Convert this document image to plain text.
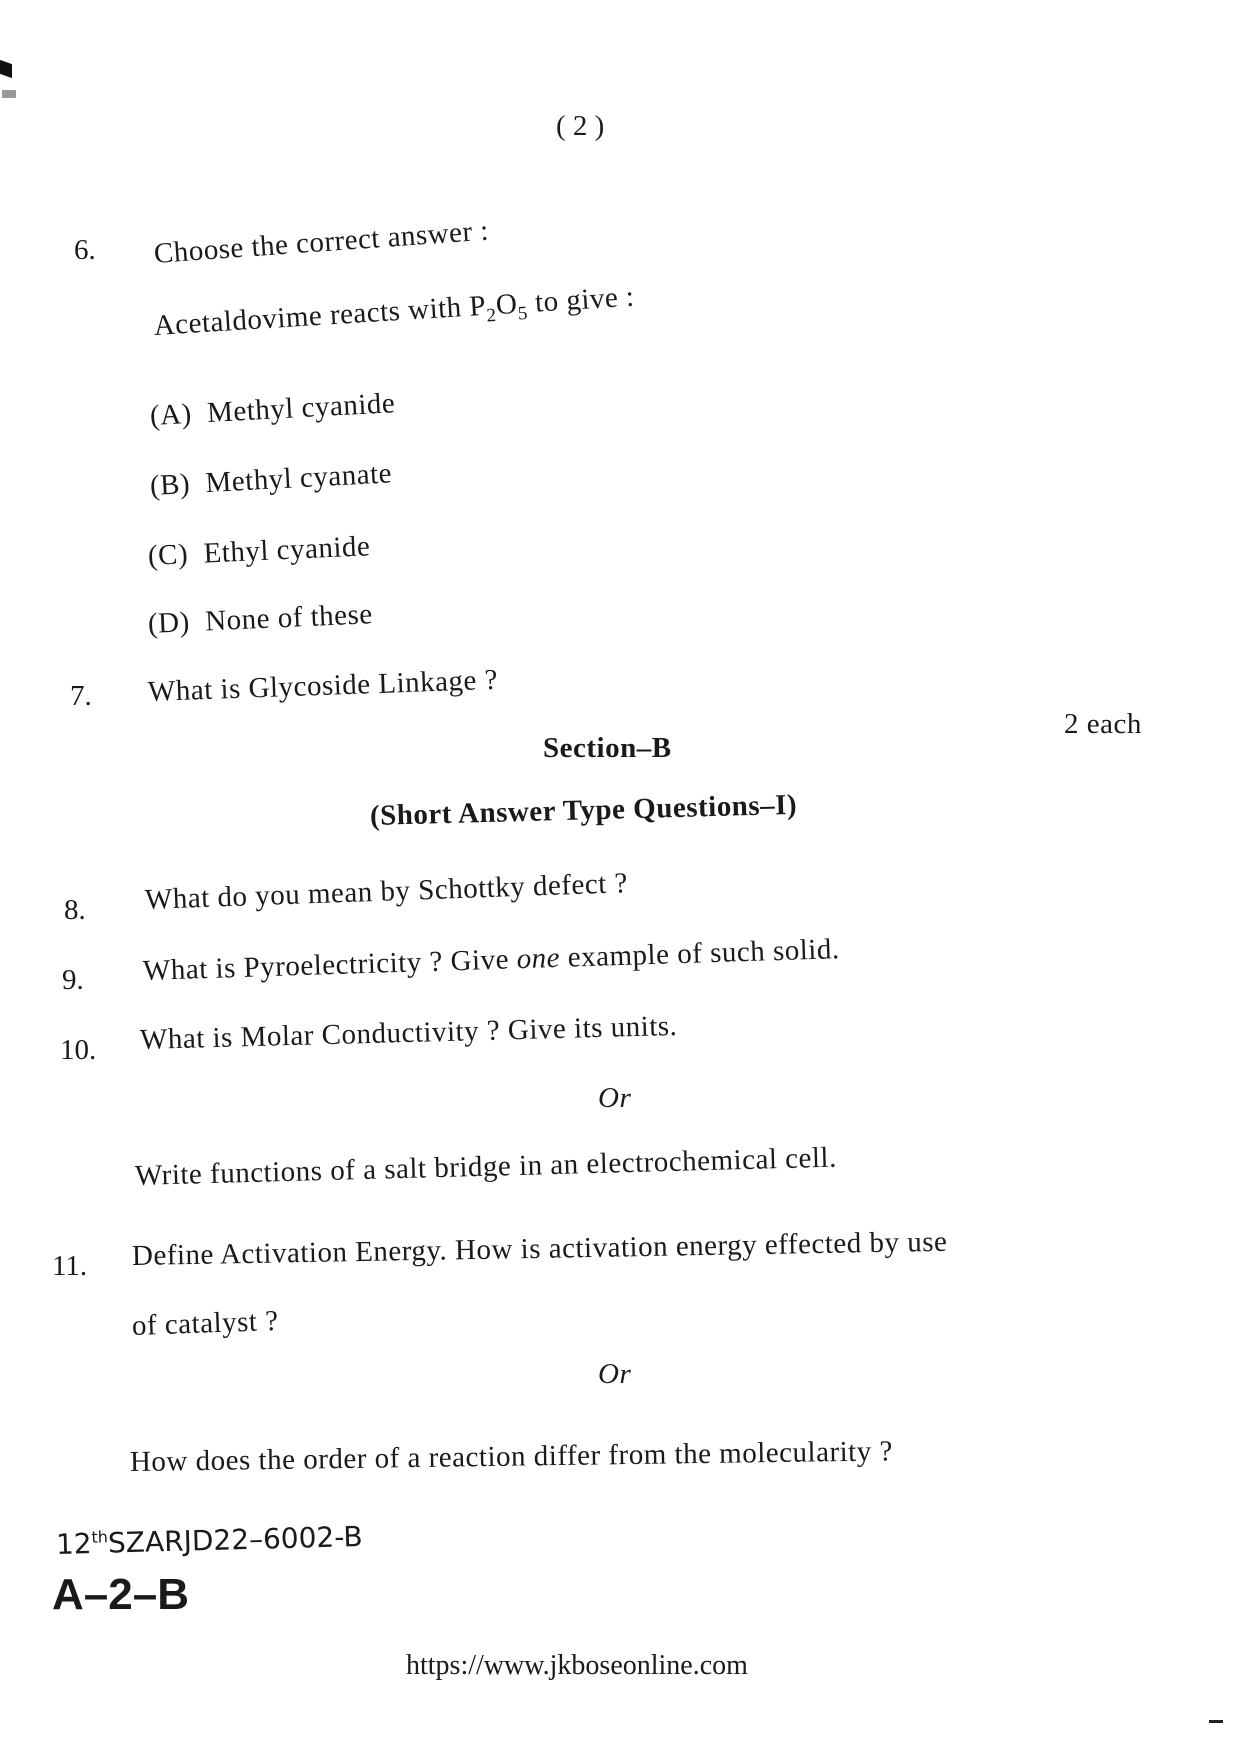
( 2 )
6. Choose the correct answer :
Acetaldovime reacts with $P_2O_5$ to give :
(A) Methyl cyanide
(B) Methyl cyanate
(C) Ethyl cyanide
(D) None of these
7. What is Glycoside Linkage ?
2 each
Section–B
(Short Answer Type Questions–I)
8. What do you mean by Schottky defect ?
9. What is Pyroelectricity ? Give one example of such solid.
10. What is Molar Conductivity ? Give its units.
Or
Write functions of a salt bridge in an electrochemical cell.
11. Define Activation Energy. How is activation energy effected by use
of catalyst ?
Or
How does the order of a reaction differ from the molecularity ?
12thSZARJD22–6002-B
A–2–B
https://www.jkboseonline.com
